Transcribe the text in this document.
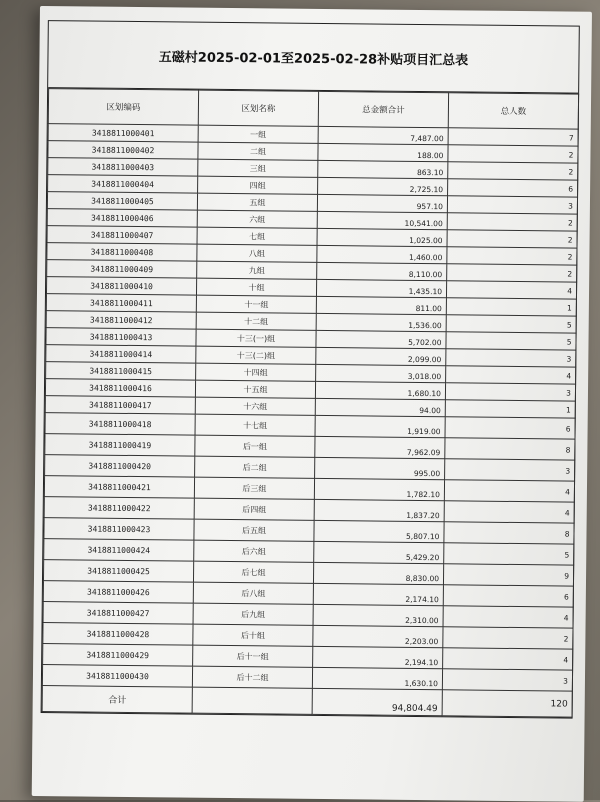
五磁村2025-02-01至2025-02-28补贴项目汇总表
区划编码	区划名称	总金额合计	总人数
3418811000401	一组	7,487.00	7
3418811000402	二组	188.00	2
3418811000403	三组	863.10	2
3418811000404	四组	2,725.10	6
3418811000405	五组	957.10	3
3418811000406	六组	10,541.00	2
3418811000407	七组	1,025.00	2
3418811000408	八组	1,460.00	2
3418811000409	九组	8,110.00	2
3418811000410	十组	1,435.10	4
3418811000411	十一组	811.00	1
3418811000412	十二组	1,536.00	5
3418811000413	十三(一)组	5,702.00	5
3418811000414	十三(二)组	2,099.00	3
3418811000415	十四组	3,018.00	4
3418811000416	十五组	1,680.10	3
3418811000417	十六组	94.00	1
3418811000418	十七组	1,919.00	6
3418811000419	后一组	7,962.09	8
3418811000420	后二组	995.00	3
3418811000421	后三组	1,782.10	4
3418811000422	后四组	1,837.20	4
3418811000423	后五组	5,807.10	8
3418811000424	后六组	5,429.20	5
3418811000425	后七组	8,830.00	9
3418811000426	后八组	2,174.10	6
3418811000427	后九组	2,310.00	4
3418811000428	后十组	2,203.00	2
3418811000429	后十一组	2,194.10	4
3418811000430	后十二组	1,630.10	3
合计		94,804.49	120
